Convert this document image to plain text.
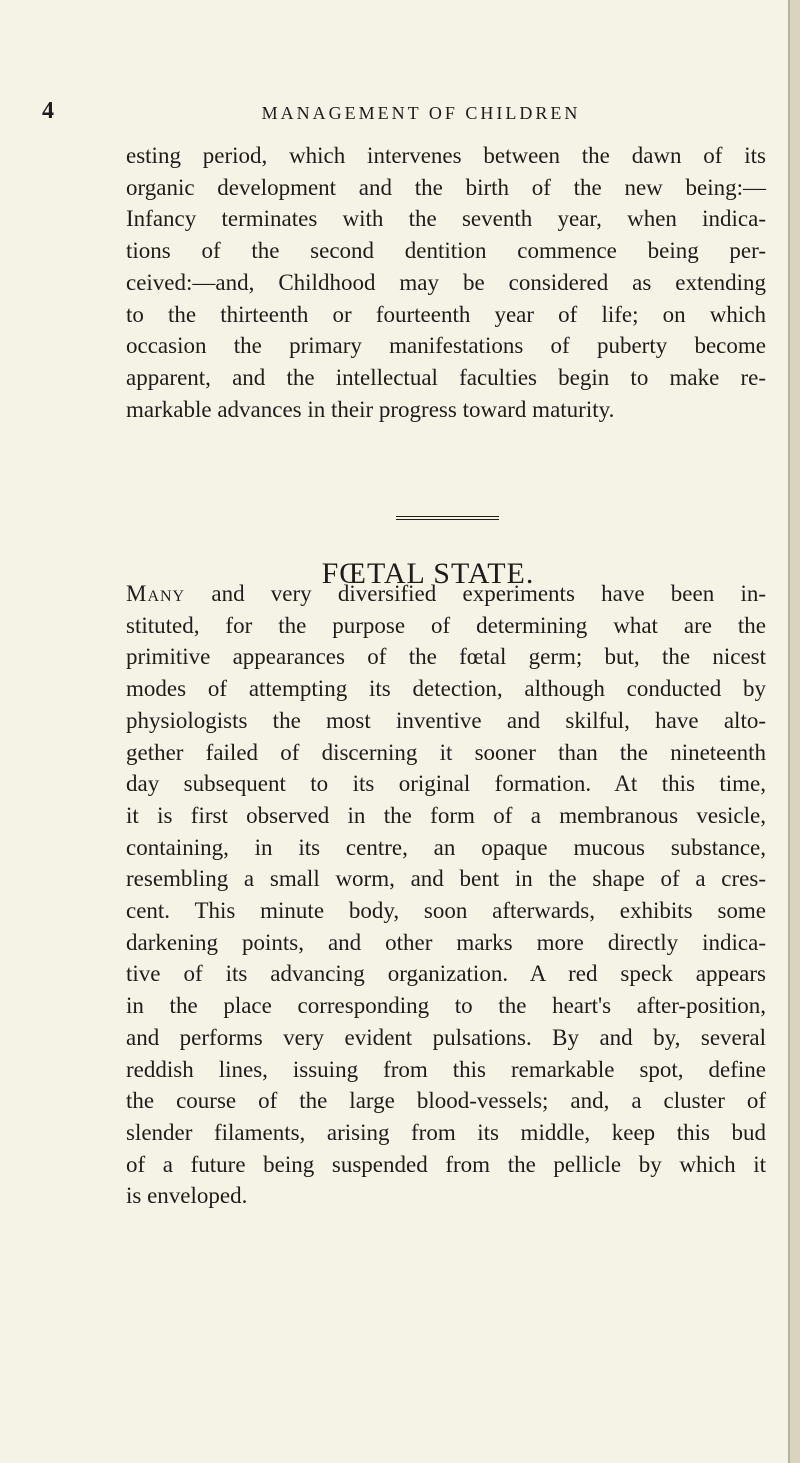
4	MANAGEMENT OF CHILDREN
esting period, which intervenes between the dawn of its
organic development and the birth of the new being:—
Infancy terminates with the seventh year, when indica-
tions of the second dentition commence being per-
ceived:—and, Childhood may be considered as extending
to the thirteenth or fourteenth year of life; on which
occasion the primary manifestations of puberty become
apparent, and the intellectual faculties begin to make re-
markable advances in their progress toward maturity.
FŒTAL STATE.
Many and very diversified experiments have been in-
stituted, for the purpose of determining what are the
primitive appearances of the fœtal germ; but, the nicest
modes of attempting its detection, although conducted by
physiologists the most inventive and skilful, have alto-
gether failed of discerning it sooner than the nineteenth
day subsequent to its original formation. At this time,
it is first observed in the form of a membranous vesicle,
containing, in its centre, an opaque mucous substance,
resembling a small worm, and bent in the shape of a cres-
cent. This minute body, soon afterwards, exhibits some
darkening points, and other marks more directly indica-
tive of its advancing organization. A red speck appears
in the place corresponding to the heart's after-position,
and performs very evident pulsations. By and by, several
reddish lines, issuing from this remarkable spot, define
the course of the large blood-vessels; and, a cluster of
slender filaments, arising from its middle, keep this bud
of a future being suspended from the pellicle by which it
is enveloped.
